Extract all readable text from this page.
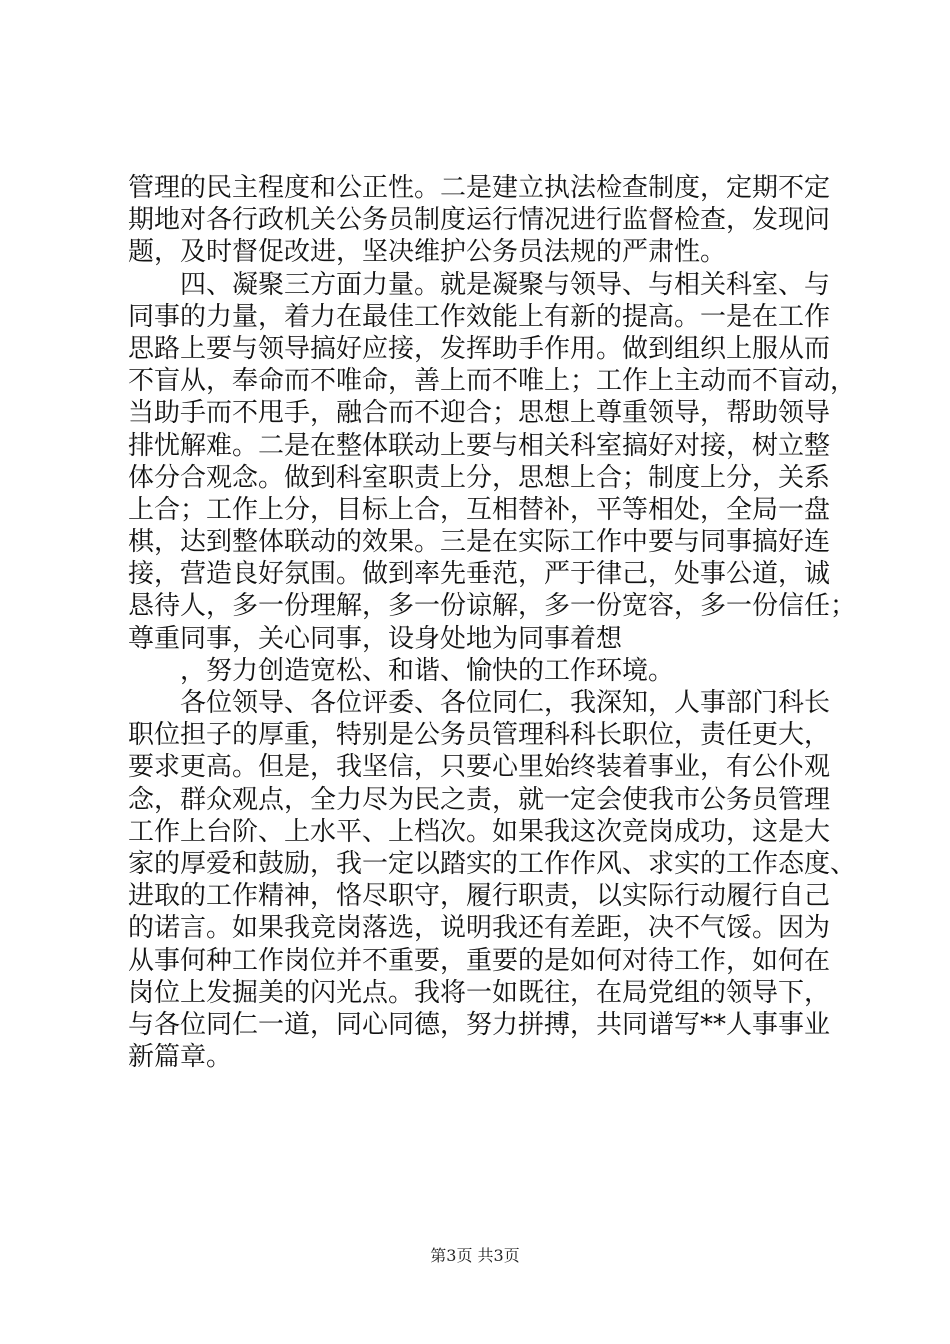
管理的民主程度和公正性。二是建立执法检查制度，定期不定
期地对各行政机关公务员制度运行情况进行监督检查，发现问
题，及时督促改进，坚决维护公务员法规的严肃性。
四、凝聚三方面力量。就是凝聚与领导、与相关科室、与
同事的力量，着力在最佳工作效能上有新的提高。一是在工作
思路上要与领导搞好应接，发挥助手作用。做到组织上服从而
不盲从，奉命而不唯命，善上而不唯上；工作上主动而不盲动，
当助手而不甩手，融合而不迎合；思想上尊重领导，帮助领导
排忧解难。二是在整体联动上要与相关科室搞好对接，树立整
体分合观念。做到科室职责上分，思想上合；制度上分，关系
上合；工作上分，目标上合，互相替补，平等相处，全局一盘
棋，达到整体联动的效果。三是在实际工作中要与同事搞好连
接，营造良好氛围。做到率先垂范，严于律己，处事公道，诚
恳待人，多一份理解，多一份谅解，多一份宽容，多一份信任；
尊重同事，关心同事，设身处地为同事着想
，努力创造宽松、和谐、愉快的工作环境。
各位领导、各位评委、各位同仁，我深知，人事部门科长
职位担子的厚重，特别是公务员管理科科长职位，责任更大，
要求更高。但是，我坚信，只要心里始终装着事业，有公仆观
念，群众观点，全力尽为民之责，就一定会使我市公务员管理
工作上台阶、上水平、上档次。如果我这次竞岗成功，这是大
家的厚爱和鼓励，我一定以踏实的工作作风、求实的工作态度、
进取的工作精神，恪尽职守，履行职责，以实际行动履行自己
的诺言。如果我竞岗落选，说明我还有差距，决不气馁。因为
从事何种工作岗位并不重要，重要的是如何对待工作，如何在
岗位上发掘美的闪光点。我将一如既往，在局党组的领导下，
与各位同仁一道，同心同德，努力拼搏，共同谱写**人事事业
新篇章。
第3页 共3页
